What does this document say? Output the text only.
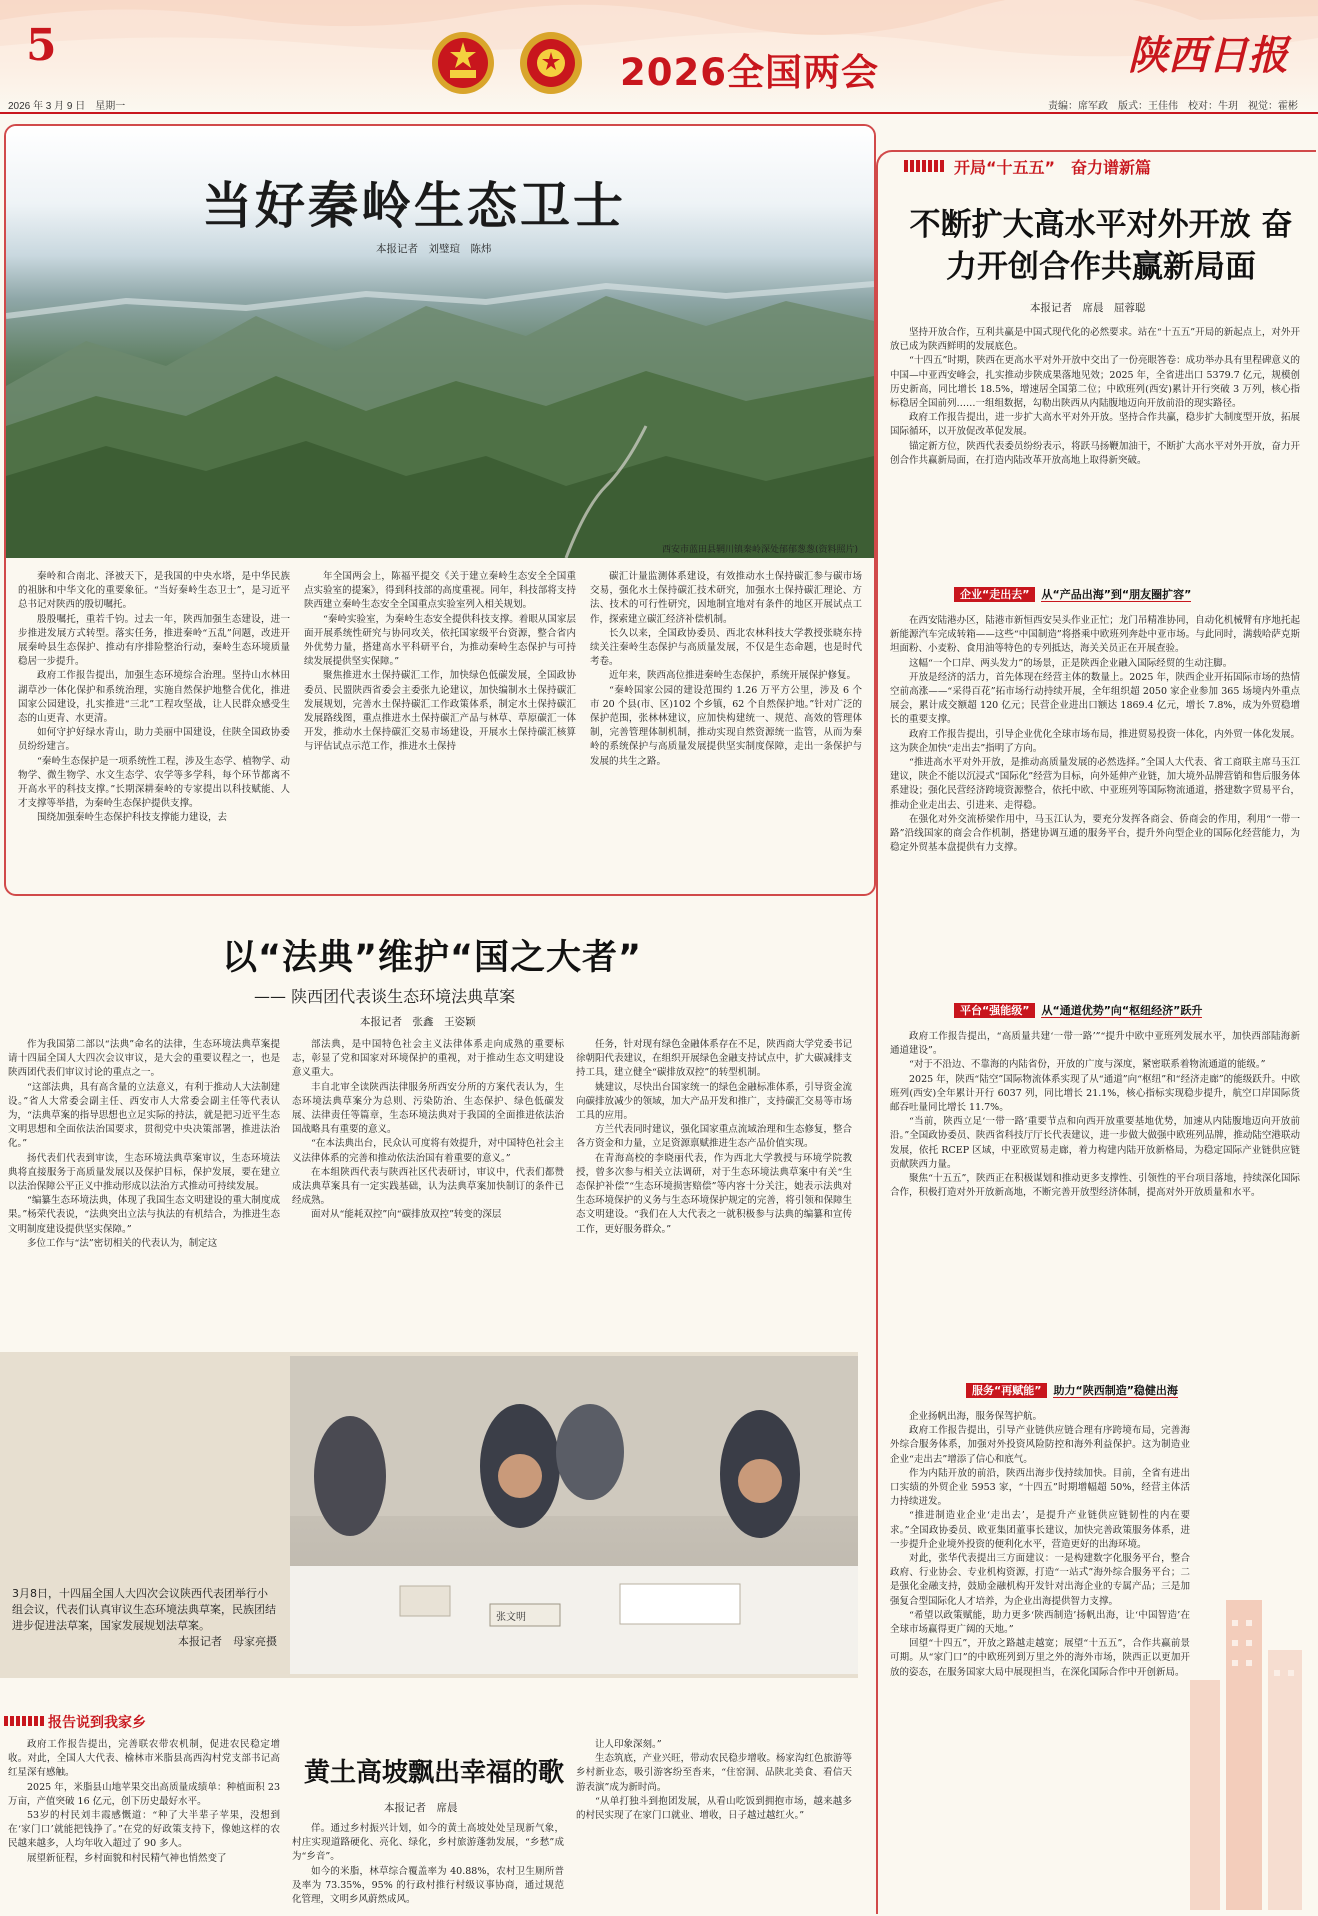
5
2026全国两会	陕西日报
2026 年 3 月 9 日　星期一	责编：席军政　版式：王佳伟　校对：牛玥　视觉：霍彬
当好秦岭生态卫士
本报记者　刘璧瑄　陈炜
西安市蓝田县辋川镇秦岭深处郁郁葱葱(资料照片)

秦岭和合南北、泽被天下，是我国的中央水塔，是中华民族的祖脉和中华文化的重要象征。“当好秦岭生态卫士”，是习近平总书记对陕西的殷切嘱托。

殷殷嘱托，重若千钧。过去一年，陕西加强生态建设，进一步推进发展方式转型。落实任务，推进秦岭“五乱”问题，改进开展秦岭县生态保护、推动有序排险整治行动，秦岭生态环境质量稳居一步提升。

政府工作报告提出，加强生态环境综合治理。坚持山水林田湖草沙一体化保护和系统治理，实施自然保护地整合优化，推进国家公园建设，扎实推进“三北”工程攻坚战，让人民群众感受生态的山更青、水更清。

如何守护好绿水青山，助力美丽中国建设，住陕全国政协委员纷纷建言。

“秦岭生态保护是一项系统性工程，涉及生态学、植物学、动物学、微生物学、水文生态学、农学等多学科，每个环节都离不开高水平的科技支撑。”长期深耕秦岭的专家提出以科技赋能、人才支撑等举措，为秦岭生态保护提供支撑。

围绕加强秦岭生态保护科技支撑能力建设，去

年全国两会上，陈福平提交《关于建立秦岭生态安全全国重点实验室的提案》，得到科技部的高度重视。同年，科技部将支持陕西建立秦岭生态安全全国重点实验室列入相关规划。

“秦岭实验室，为秦岭生态安全提供科技支撑。着眼从国家层面开展系统性研究与协同攻关，依托国家级平台资源，整合省内外优势力量，搭建高水平科研平台，为推动秦岭生态保护与可持续发展提供坚实保障。”

聚焦推进水土保持碳汇工作，加快绿色低碳发展，全国政协委员、民盟陕西省委会主委张九论建议，加快编制水土保持碳汇发展规划，完善水土保持碳汇工作政策体系，制定水土保持碳汇发展路线图，重点推进水土保持碳汇产品与林草、草原碳汇一体开发，推动水土保持碳汇交易市场建设，开展水土保持碳汇核算与评估试点示范工作，推进水土保持

碳汇计量监测体系建设，有效推动水土保持碳汇参与碳市场交易，强化水土保持碳汇技术研究，加强水土保持碳汇理论、方法、技术的可行性研究，因地制宜地对有条件的地区开展试点工作，探索建立碳汇经济补偿机制。

长久以来，全国政协委员、西北农林科技大学教授张晓东持续关注秦岭生态保护与高质量发展，不仅是生态命题，也是时代考卷。

近年来，陕西高位推进秦岭生态保护，系统开展保护修复。

“秦岭国家公园的建设范围约 1.26 万平方公里，涉及 6 个市 20 个县(市、区)102 个乡镇，62 个自然保护地。”针对广泛的保护范围，张林林建议，应加快构建统一、规范、高效的管理体制，完善管理体制机制，推动实现自然资源统一监管，从而为秦岭的系统保护与高质量发展提供坚实制度保障，走出一条保护与发展的共生之路。

以“法典”维护“国之大者”
—— 陕西团代表谈生态环境法典草案
本报记者　张鑫　王姿颖

作为我国第二部以“法典”命名的法律，生态环境法典草案提请十四届全国人大四次会议审议，是大会的重要议程之一，也是陕西团代表们审议讨论的重点之一。

“这部法典，具有高含量的立法意义，有利于推动人大法制建设。”省人大常委会副主任、西安市人大常委会副主任等代表认为，“法典草案的指导思想也立足实际的持法，就是把习近平生态文明思想和全面依法治国要求，贯彻党中央决策部署，推进法治化。”

扬代表们代表到审读，生态环境法典草案审议，生态环境法典将直接服务于高质量发展以及保护目标，保护发展，要在建立以法治保障公平正义中推动形成以法治方式推动可持续发展。

“编纂生态环境法典，体现了我国生态文明建设的重大制度成果。”杨荣代表说，“法典突出立法与执法的有机结合，为推进生态文明制度建设提供坚实保障。”

多位工作与“法”密切相关的代表认为，制定这

部法典，是中国特色社会主义法律体系走向成熟的重要标志，彰显了党和国家对环境保护的重视，对于推动生态文明建设意义重大。

丰自北审全读陕西法律服务所西安分所的方案代表认为，生态环境法典草案分为总则、污染防治、生态保护、绿色低碳发展、法律责任等篇章，生态环境法典对于我国的全面推进依法治国战略具有重要的意义。

“在本法典出台，民众认可度将有效提升，对中国特色社会主义法律体系的完善和推动依法治国有着重要的意义。”

在本组陕西代表与陕西社区代表研讨，审议中，代表们都赞成法典草案具有一定实践基础，认为法典草案加快制订的条件已经成熟。

面对从“能耗双控”向“碳排放双控”转变的深层

任务，针对现有绿色金融体系存在不足，陕西商大学党委书记徐朝阳代表建议，在组织开展绿色金融支持试点中，扩大碳减排支持工具，建立健全“碳排放双控”的转型机制。

姚建议，尽快出台国家统一的绿色金融标准体系，引导资金流向碳排放减少的领域，加大产品开发和推广，支持碳汇交易等市场工具的应用。

方兰代表同时建议，强化国家重点流域治理和生态修复，整合各方资金和力量，立足资源禀赋推进生态产品价值实现。

在青海高校的李晓丽代表，作为西北大学教授与环境学院教授，曾多次参与相关立法调研，对于生态环境法典草案中有关“生态保护补偿”“生态环境损害赔偿”等内容十分关注，她表示法典对生态环境保护的义务与生态环境保护规定的完善，将引领和保障生态文明建设。“我们在人大代表之一就积极参与法典的编纂和宣传工作，更好服务群众。”

张文明
3月8日，十四届全国人大四次会议陕西代表团举行小组会议，代表们认真审议生态环境法典草案，民族团结进步促进法草案，国家发展规划法草案。
本报记者　母家亮摄
报告说到我家乡

政府工作报告提出，完善联农带农机制，促进农民稳定增收。对此，全国人大代表、榆林市米脂县高西沟村党支部书记高红星深有感触。

2025 年，米脂县山地苹果交出高质量成绩单：种植面积 23 万亩，产值突破 16 亿元，创下历史最好水平。

53岁的村民刘丰霞感慨道：“种了大半辈子苹果，没想到在‘家门口’就能把钱挣了。”在党的好政策支持下，像她这样的农民越来越多，人均年收入超过了 90 多人。

展望新征程，乡村面貌和村民精气神也悄然变了

黄土高坡飘出幸福的歌
本报记者　席晨

佯。通过乡村振兴计划，如今的黄土高坡处处呈现新气象，村庄实现道路硬化、亮化、绿化，乡村旅游蓬勃发展，“乡愁”成为“乡音”。

如今的米脂，林草综合覆盖率为 40.88%，农村卫生厕所普及率为 73.35%，95% 的行政村推行村级议事协商，通过规范化管理，文明乡风蔚然成风。

让人印象深刻。”

生态筑底，产业兴旺，带动农民稳步增收。杨家沟红色旅游等乡村新业态，吸引游客纷至沓来，“住窑洞、品陕北美食、看信天游表演”成为新时尚。

“从单打独斗到抱团发展，从看山吃饭到拥抱市场，越来越多的村民实现了在家门口就业、增收，日子越过越红火。”

开局“十五五”　奋力谱新篇
不断扩大高水平对外开放 奋力开创合作共赢新局面
本报记者　席晨　屈蓉聪

坚持开放合作，互利共赢是中国式现代化的必然要求。站在“十五五”开局的新起点上，对外开放已成为陕西鲜明的发展底色。

“十四五”时期，陕西在更高水平对外开放中交出了一份亮眼答卷：成功举办具有里程碑意义的中国—中亚西安峰会，扎实推动步陕成果落地见效；2025 年，全省进出口 5379.7 亿元，规模创历史新高，同比增长 18.5%，增速居全国第二位；中欧班列(西安)累计开行突破 3 万列，核心指标稳居全国前列……一组组数据，勾勒出陕西从内陆腹地迈向开放前沿的现实路径。

政府工作报告提出，进一步扩大高水平对外开放。坚持合作共赢，稳步扩大制度型开放，拓展国际循环，以开放促改革促发展。

锚定新方位，陕西代表委员纷纷表示，将跃马扬鞭加油干，不断扩大高水平对外开放，奋力开创合作共赢新局面，在打造内陆改革开放高地上取得新突破。

企业“走出去” 从“产品出海”到“朋友圈扩容”

在西安陆港办区，陆港市新恒西安吴头作业正忙；龙门吊精准协同，自动化机械臂有序地托起新能源汽车完成转箱——这些“中国制造”将搭乘中欧班列奔赴中亚市场。与此同时，满载哈萨克斯坦面粉、小麦粉、食用油等特色的专列抵达，海关关员正在开展查验。

这幅“一个口岸、两头发力”的场景，正是陕西企业融入国际经贸的生动注脚。

开放是经济的活力，首先体现在经营主体的数量上。2025 年，陕西企业开拓国际市场的热情空前高涨——“采得百花”拓市场行动持续开展，全年组织超 2050 家企业参加 365 场境内外重点展会，累计成交额超 120 亿元；民营企业进出口额达 1869.4 亿元，增长 7.8%，成为外贸稳增长的重要支撑。

政府工作报告提出，引导企业优化全球市场布局，推进贸易投资一体化，内外贸一体化发展。这为陕企加快“走出去”指明了方向。

“推进高水平对外开放，是推动高质量发展的必然选择。”全国人大代表、省工商联主席马玉江建议，陕企不能以沉浸式“国际化”经营为目标，向外延伸产业链，加大境外品牌营销和售后服务体系建设；强化民营经济跨境资源整合，依托中欧、中亚班列等国际物流通道，搭建数字贸易平台，推动企业走出去、引进来、走得稳。

在强化对外交流桥梁作用中，马玉江认为，要充分发挥各商会、侨商会的作用，利用“一带一路”沿线国家的商会合作机制，搭建协调互通的服务平台，提升外向型企业的国际化经营能力，为稳定外贸基本盘提供有力支撑。

平台“强能级” 从“通道优势”向“枢纽经济”跃升

政府工作报告提出，“高质量共建‘一带一路’”“提升中欧中亚班列发展水平，加快西部陆海新通道建设”。

“对于不沿边、不靠海的内陆省份，开放的广度与深度，紧密联系着物流通道的能级。”

2025 年，陕西“陆空”国际物流体系实现了从“通道”向“枢纽”和“经济走廊”的能级跃升。中欧班列(西安)全年累计开行 6037 列，同比增长 21.1%，核心指标实现稳步提升，航空口岸国际货邮吞吐量同比增长 11.7%。

“当前，陕西立足‘一带一路’重要节点和向西开放重要基地优势，加速从内陆腹地迈向开放前沿。”全国政协委员、陕西省科技厅厅长代表建议，进一步做大做强中欧班列品牌，推动陆空港联动发展，依托 RCEP 区域，中亚欧贸易走廊，着力构建内陆开放新格局，为稳定国际产业链供应链贡献陕西力量。

聚焦“十五五”，陕西正在积极谋划和推动更多支撑性、引领性的平台项目落地，持续深化国际合作，积极打造对外开放新高地，不断完善开放型经济体制，提高对外开放质量和水平。

服务“再赋能” 助力“陕西制造”稳健出海

企业扬帆出海，服务保驾护航。

政府工作报告提出，引导产业链供应链合理有序跨境布局，完善海外综合服务体系，加强对外投资风险防控和海外利益保护。这为制造业企业“走出去”增添了信心和底气。

作为内陆开放的前沿，陕西出海步伐持续加快。目前，全省有进出口实绩的外贸企业 5953 家，“十四五”时期增幅超 50%，经营主体活力持续迸发。

“推进制造业企业‘走出去’，是提升产业链供应链韧性的内在要求。”全国政协委员、欧亚集团董事长建议，加快完善政策服务体系，进一步提升企业境外投资的便利化水平，营造更好的出海环境。

对此，张华代表提出三方面建议：一是构建数字化服务平台，整合政府、行业协会、专业机构资源，打造“一站式”海外综合服务平台；二是强化金融支持，鼓励金融机构开发针对出海企业的专属产品；三是加强复合型国际化人才培养，为企业出海提供智力支撑。

“希望以政策赋能，助力更多‘陕西制造’扬帆出海，让‘中国智造’在全球市场赢得更广阔的天地。”

回望“十四五”，开放之路越走越宽；展望“十五五”，合作共赢前景可期。从“家门口”的中欧班列到万里之外的海外市场，陕西正以更加开放的姿态，在服务国家大局中展现担当，在深化国际合作中开创新局。
